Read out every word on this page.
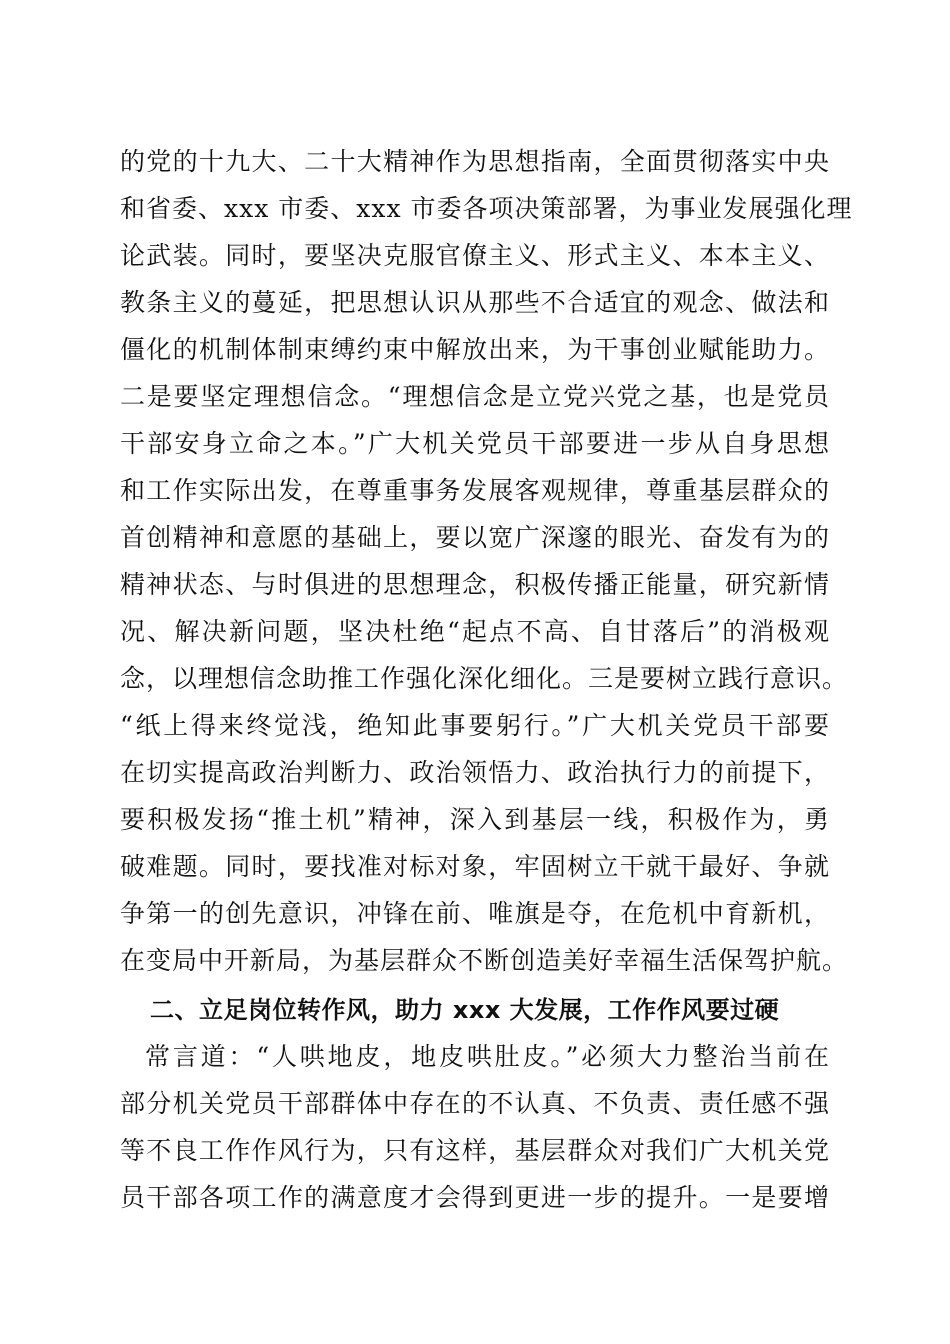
的党的十九大、二十大精神作为思想指南，全面贯彻落实中央
和省委、xxx 市委、xxx 市委各项决策部署，为事业发展强化理
论武装。同时，要坚决克服官僚主义、形式主义、本本主义、
教条主义的蔓延，把思想认识从那些不合适宜的观念、做法和
僵化的机制体制束缚约束中解放出来，为干事创业赋能助力。
二是要坚定理想信念。“理想信念是立党兴党之基，也是党员
干部安身立命之本。”广大机关党员干部要进一步从自身思想
和工作实际出发，在尊重事务发展客观规律，尊重基层群众的
首创精神和意愿的基础上，要以宽广深邃的眼光、奋发有为的
精神状态、与时俱进的思想理念，积极传播正能量，研究新情
况、解决新问题，坚决杜绝“起点不高、自甘落后”的消极观
念，以理想信念助推工作强化深化细化。三是要树立践行意识。
“纸上得来终觉浅，绝知此事要躬行。”广大机关党员干部要
在切实提高政治判断力、政治领悟力、政治执行力的前提下，
要积极发扬“推土机”精神，深入到基层一线，积极作为，勇
破难题。同时，要找准对标对象，牢固树立干就干最好、争就
争第一的创先意识，冲锋在前、唯旗是夺，在危机中育新机，
在变局中开新局，为基层群众不断创造美好幸福生活保驾护航。
二、立足岗位转作风，助力 xxx 大发展，工作作风要过硬
常言道：“人哄地皮，地皮哄肚皮。”必须大力整治当前在
部分机关党员干部群体中存在的不认真、不负责、责任感不强
等不良工作作风行为，只有这样，基层群众对我们广大机关党
员干部各项工作的满意度才会得到更进一步的提升。一是要增
